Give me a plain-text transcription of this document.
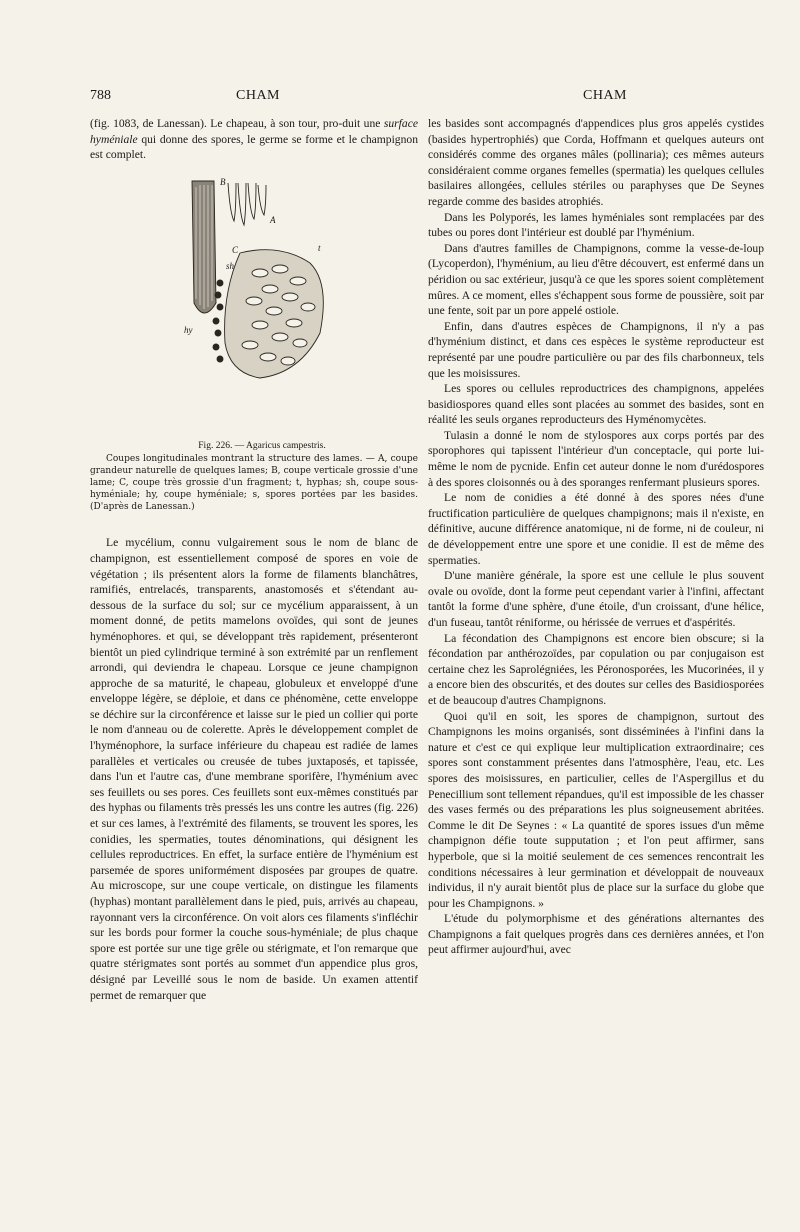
788	CHAM	CHAM

(fig. 1083, de Lanessan). Le chapeau, à son tour, pro-duit une surface hyméniale qui donne des spores, le germe se forme et le champignon est complet.

A
B
C	t
sh
hy

Fig. 226. — Agaricus campestris.

Coupes longitudinales montrant la structure des lames. — A, coupe grandeur naturelle de quelques lames; B, coupe verticale grossie d'une lame; C, coupe très grossie d'un fragment; t, hyphas; sh, coupe sous-hyméniale; hy, coupe hyméniale; s, spores portées par les basides. (D'après de Lanessan.)

Le mycélium, connu vulgairement sous le nom de blanc de champignon, est essentiellement composé de spores en voie de végétation ; ils présentent alors la forme de filaments blanchâtres, ramifiés, entrelacés, transparents, anastomosés et s'étendant au-dessous de la surface du sol; sur ce mycélium apparaissent, à un moment donné, de petits mamelons ovoïdes, qui sont de jeunes hyménophores. et qui, se développant très rapidement, présenteront bientôt un pied cylindrique terminé à son extrémité par un renflement arrondi, qui deviendra le chapeau. Lorsque ce jeune champignon approche de sa maturité, le chapeau, globuleux et enveloppé d'une enveloppe légère, se déploie, et dans ce phénomène, cette enveloppe se déchire sur la circonférence et laisse sur le pied un collier qui porte le nom d'anneau ou de colerette. Après le développement complet de l'hyménophore, la surface inférieure du chapeau est radiée de lames parallèles et verticales ou creusée de tubes juxtaposés, et tapissée, dans l'un et l'autre cas, d'une membrane sporifère, l'hyménium avec ses feuillets ou ses pores. Ces feuillets sont eux-mêmes constitués par des hyphas ou filaments très pressés les uns contre les autres (fig. 226) et sur ces lames, à l'extrémité des filaments, se trouvent les spores, les conidies, les spermaties, toutes dénominations, qui désignent les cellules reproductrices. En effet, la surface entière de l'hyménium est parsemée de spores uniformément disposées par groupes de quatre. Au microscope, sur une coupe verticale, on distingue les filaments (hyphas) montant parallèlement dans le pied, puis, arrivés au chapeau, rayonnant vers la circonférence. On voit alors ces filaments s'infléchir sur les bords pour former la couche sous-hyméniale; de plus chaque spore est portée sur une tige grêle ou stérigmate, et l'on remarque que quatre stérigmates sont portés au sommet d'un appendice plus gros, désigné par Leveillé sous le nom de baside. Un examen attentif permet de remarquer que

les basides sont accompagnés d'appendices plus gros appelés cystides (basides hypertrophiés) que Corda, Hoffmann et quelques auteurs ont considérés comme des organes mâles (pollinaria); ces mêmes auteurs considéraient comme organes femelles (spermatia) les quelques cellules basilaires allongées, cellules stériles ou paraphyses que De Seynes regarde comme des basides atrophiés.

Dans les Polyporés, les lames hyméniales sont remplacées par des tubes ou pores dont l'intérieur est doublé par l'hyménium.

Dans d'autres familles de Champignons, comme la vesse-de-loup (Lycoperdon), l'hyménium, au lieu d'être découvert, est enfermé dans un péridion ou sac extérieur, jusqu'à ce que les spores soient complètement mûres. A ce moment, elles s'échappent sous forme de poussière, soit par une fente, soit par un pore appelé ostiole.

Enfin, dans d'autres espèces de Champignons, il n'y a pas d'hyménium distinct, et dans ces espèces le système reproducteur est représenté par une poudre particulière ou par des fils charbonneux, tels que les moisissures.

Les spores ou cellules reproductrices des champignons, appelées basidiospores quand elles sont placées au sommet des basides, sont en réalité les seuls organes reproducteurs des Hyménomycètes.

Tulasin a donné le nom de stylospores aux corps portés par des sporophores qui tapissent l'intérieur d'un conceptacle, qui porte lui-même le nom de pycnide. Enfin cet auteur donne le nom d'urédospores à des spores cloisonnés ou à des sporanges renfermant plusieurs spores.

Le nom de conidies a été donné à des spores nées d'une fructification particulière de quelques champignons; mais il n'existe, en définitive, aucune différence anatomique, ni de forme, ni de couleur, ni de développement entre une spore et une conidie. Il est de même des spermaties.

D'une manière générale, la spore est une cellule le plus souvent ovale ou ovoïde, dont la forme peut cependant varier à l'infini, affectant tantôt la forme d'une sphère, d'une étoile, d'un croissant, d'une hélice, d'un fuseau, tantôt réniforme, ou hérissée de verrues et d'aspérités.

La fécondation des Champignons est encore bien obscure; si la fécondation par anthérozoïdes, par copulation ou par conjugaison est certaine chez les Saprolégniées, les Péronosporées, les Mucorinées, il y a encore bien des obscurités, et des doutes sur celles des Basidiosporées et de beaucoup d'autres Champignons.

Quoi qu'il en soit, les spores de champignon, surtout des Champignons les moins organisés, sont disséminées à l'infini dans la nature et c'est ce qui explique leur multiplication extraordinaire; ces spores sont constamment présentes dans l'atmosphère, l'eau, etc. Les spores des moisissures, en particulier, celles de l'Aspergillus et du Penecillium sont tellement répandues, qu'il est impossible de les chasser des vases fermés ou des préparations les plus soigneusement abritées. Comme le dit De Seynes : « La quantité de spores issues d'un même champignon défie toute supputation ; et l'on peut affirmer, sans hyperbole, que si la moitié seulement de ces semences rencontrait les conditions nécessaires à leur germination et développait de nouveaux individus, il n'y aurait bientôt plus de place sur la surface du globe que pour les Champignons. »

L'étude du polymorphisme et des générations alternantes des Champignons a fait quelques progrès dans ces dernières années, et l'on peut affirmer aujourd'hui, avec
